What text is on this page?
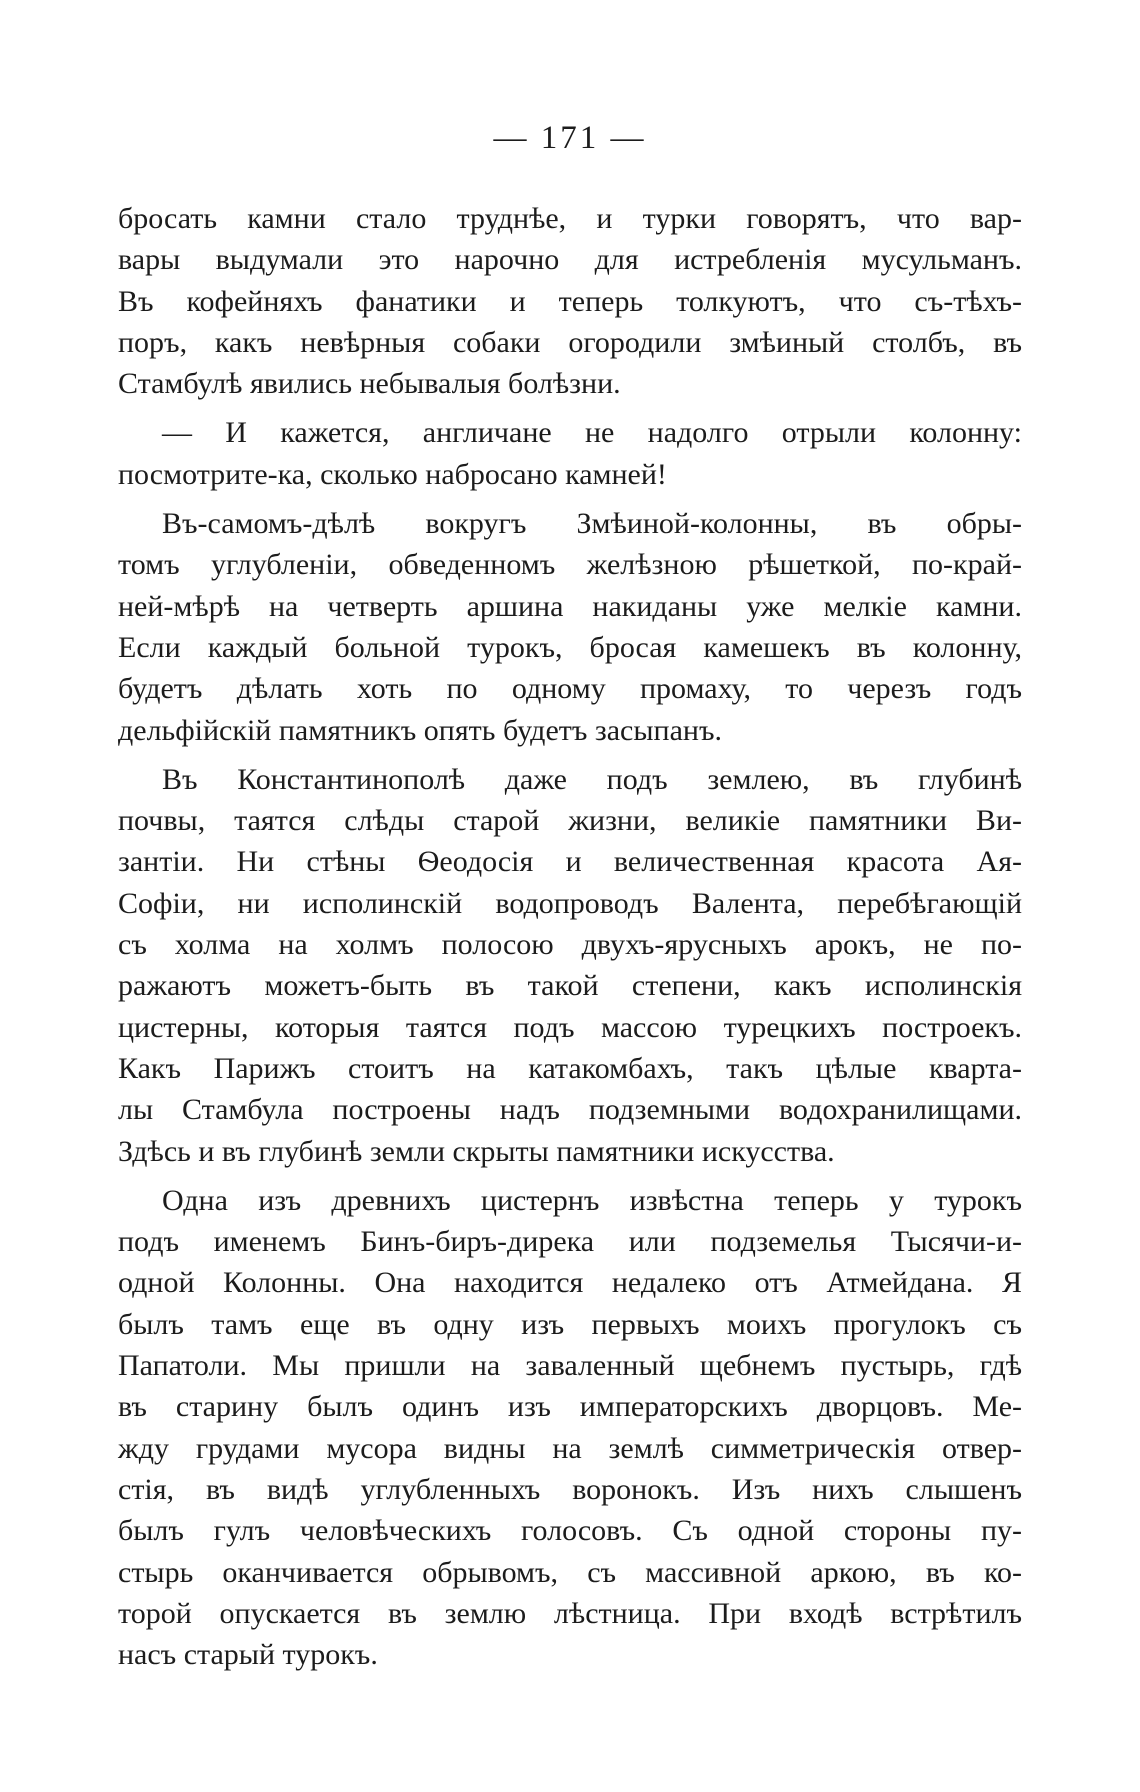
— 171 —
бросать камни стало труднѣе, и турки говорятъ, что вар-
вары выдумали это нарочно для истребленія мусульманъ.
Въ кофейняхъ фанатики и теперь толкуютъ, что съ-тѣхъ-
поръ, какъ невѣрныя собаки огородили змѣиный столбъ, въ
Стамбулѣ явились небывалыя болѣзни.
— И кажется, англичане не надолго отрыли колонну:
посмотрите-ка, сколько наброcано камней!
Въ-самомъ-дѣлѣ вокругъ Змѣиной-колонны, въ обры-
томъ углубленіи, обведенномъ желѣзною рѣшеткой, по-край-
ней-мѣрѣ на четверть аршина накиданы уже мелкіе камни.
Если каждый больной турокъ, бросая камешекъ въ колонну,
будетъ дѣлать хоть по одному промаху, то черезъ годъ
дельфійскій памятникъ опять будетъ засыпанъ.
Въ Константинополѣ даже подъ землею, въ глубинѣ
почвы, таятся слѣды старой жизни, великіе памятники Ви-
зантіи. Ни стѣны Ѳеодосія и величественная красота Ая-
Софіи, ни исполинскій водопроводъ Валента, перебѣгающій
съ холма на холмъ полосою двухъ-ярусныхъ арокъ, не по-
ражаютъ можетъ-быть въ такой степени, какъ исполинскія
цистерны, которыя таятся подъ массою турецкихъ построекъ.
Какъ Парижъ стоитъ на катакомбахъ, такъ цѣлые кварта-
лы Стамбула построены надъ подземными водохранилищами.
Здѣсь и въ глубинѣ земли скрыты памятники искусства.
Одна изъ древнихъ цистернъ извѣстна теперь у турокъ
подъ именемъ Бинъ-биръ-дирека или подземелья Тысячи-и-
одной Колонны. Она находится недалеко отъ Атмейдана. Я
былъ тамъ еще въ одну изъ первыхъ моихъ прогулокъ съ
Папатоли. Мы пришли на заваленный щебнемъ пустырь, гдѣ
въ старину былъ одинъ изъ императорскихъ дворцовъ. Ме-
жду грудами мусора видны на землѣ симметрическія отвер-
стія, въ видѣ углубленныхъ воронокъ. Изъ нихъ слышенъ
былъ гулъ человѣческихъ голосовъ. Съ одной стороны пу-
стырь оканчивается обрывомъ, съ массивной аркою, въ ко-
торой опускается въ землю лѣстница. При входѣ встрѣтилъ
насъ старый турокъ.
